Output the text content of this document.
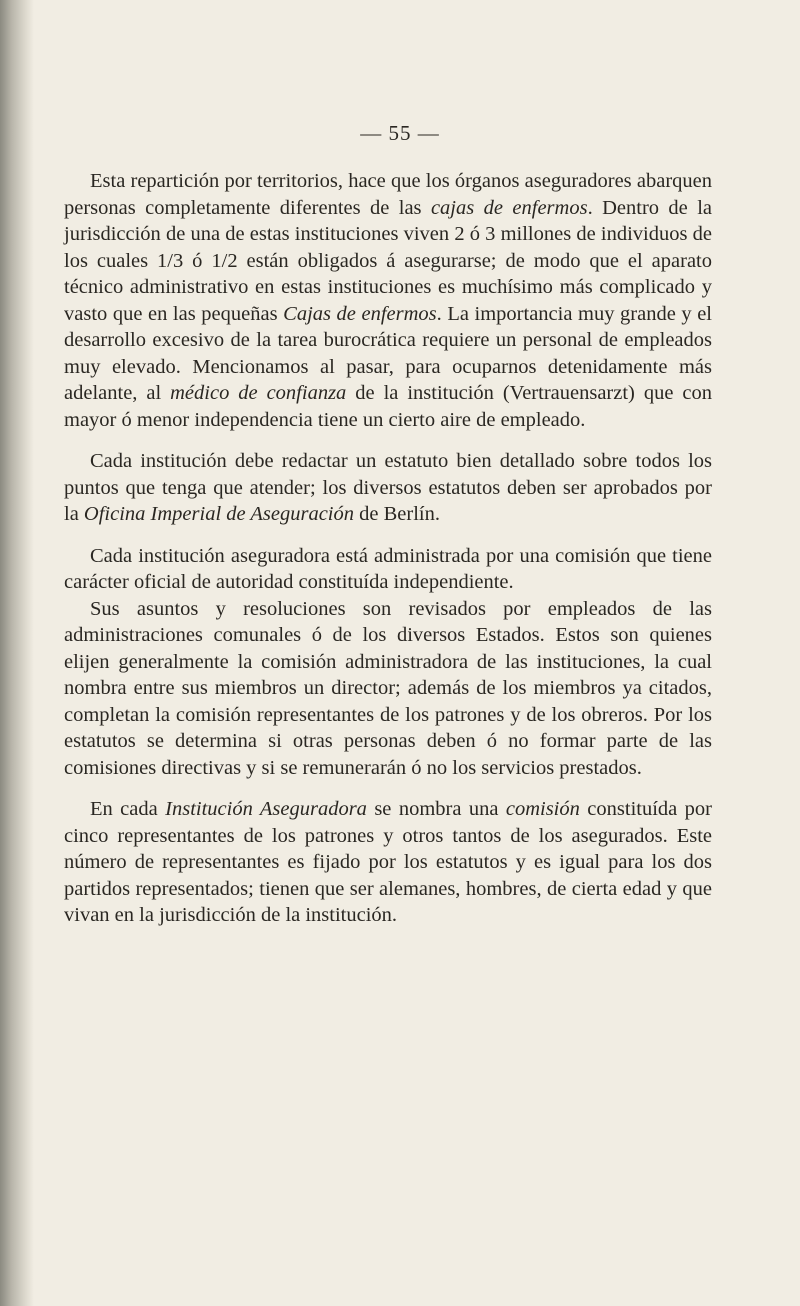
— 55 —

Esta repartición por territorios, hace que los órganos aseguradores abarquen personas completamente diferentes de las cajas de enfermos. Dentro de la jurisdicción de una de estas instituciones viven 2 ó 3 millones de individuos de los cuales 1/3 ó 1/2 están obligados á asegurarse; de modo que el aparato técnico administrativo en estas instituciones es muchísimo más complicado y vasto que en las pequeñas Cajas de enfermos. La importancia muy grande y el desarrollo excesivo de la tarea burocrática requiere un personal de empleados muy elevado. Mencionamos al pasar, para ocuparnos detenidamente más adelante, al médico de confianza de la institución (Vertrauensarzt) que con mayor ó menor independencia tiene un cierto aire de empleado.

Cada institución debe redactar un estatuto bien detallado sobre todos los puntos que tenga que atender; los diversos estatutos deben ser aprobados por la Oficina Imperial de Aseguración de Berlín.

Cada institución aseguradora está administrada por una comisión que tiene carácter oficial de autoridad constituída independiente.

Sus asuntos y resoluciones son revisados por empleados de las administraciones comunales ó de los diversos Estados. Estos son quienes elijen generalmente la comisión administradora de las instituciones, la cual nombra entre sus miembros un director; además de los miembros ya citados, completan la comisión representantes de los patrones y de los obreros. Por los estatutos se determina si otras personas deben ó no formar parte de las comisiones directivas y si se remunerarán ó no los servicios prestados.

En cada Institución Aseguradora se nombra una comisión constituída por cinco representantes de los patrones y otros tantos de los asegurados. Este número de representantes es fijado por los estatutos y es igual para los dos partidos representados; tienen que ser alemanes, hombres, de cierta edad y que vivan en la jurisdicción de la institución.
